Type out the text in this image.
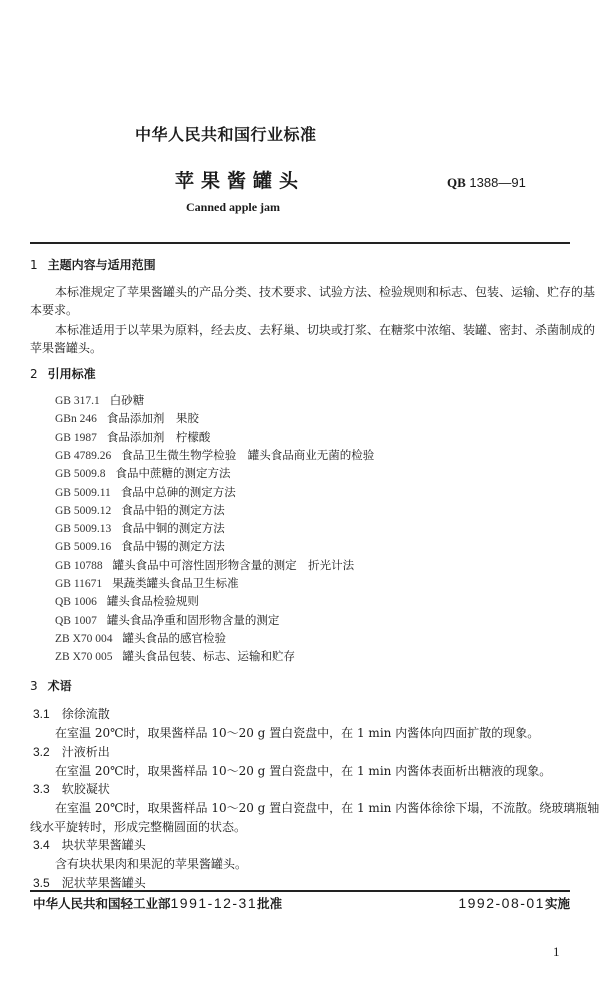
中华人民共和国行业标准
苹果酱罐头	QB 1388—91
Canned apple jam
1 主题内容与适用范围
本标准规定了苹果酱罐头的产品分类、技术要求、试验方法、检验规则和标志、包装、运输、贮存的基
本要求。
本标准适用于以苹果为原料，经去皮、去籽巢、切块或打浆、在糖浆中浓缩、装罐、密封、杀菌制成的
苹果酱罐头。
2 引用标准
GB 317.1 白砂糖
GBn 246 食品添加剂　果胶
GB 1987 食品添加剂　柠檬酸
GB 4789.26 食品卫生微生物学检验　罐头食品商业无菌的检验
GB 5009.8 食品中蔗糖的测定方法
GB 5009.11 食品中总砷的测定方法
GB 5009.12 食品中铅的测定方法
GB 5009.13 食品中铜的测定方法
GB 5009.16 食品中锡的测定方法
GB 10788 罐头食品中可溶性固形物含量的测定　折光计法
GB 11671 果蔬类罐头食品卫生标准
QB 1006 罐头食品检验规则
QB 1007 罐头食品净重和固形物含量的测定
ZB X70 004 罐头食品的感官检验
ZB X70 005 罐头食品包装、标志、运输和贮存
3 术语
3.1 徐徐流散
在室温 20℃时，取果酱样品 10～20 g 置白瓷盘中，在 1 min 内酱体向四面扩散的现象。
3.2 汁液析出
在室温 20℃时，取果酱样品 10～20 g 置白瓷盘中，在 1 min 内酱体表面析出糖液的现象。
3.3 软胶凝状
在室温 20℃时，取果酱样品 10～20 g 置白瓷盘中，在 1 min 内酱体徐徐下塌，不流散。绕玻璃瓶轴
线水平旋转时，形成完整椭圆面的状态。
3.4 块状苹果酱罐头
含有块状果肉和果泥的苹果酱罐头。
3.5 泥状苹果酱罐头
中华人民共和国轻工业部1991-12-31批准	1992-08-01实施
1
